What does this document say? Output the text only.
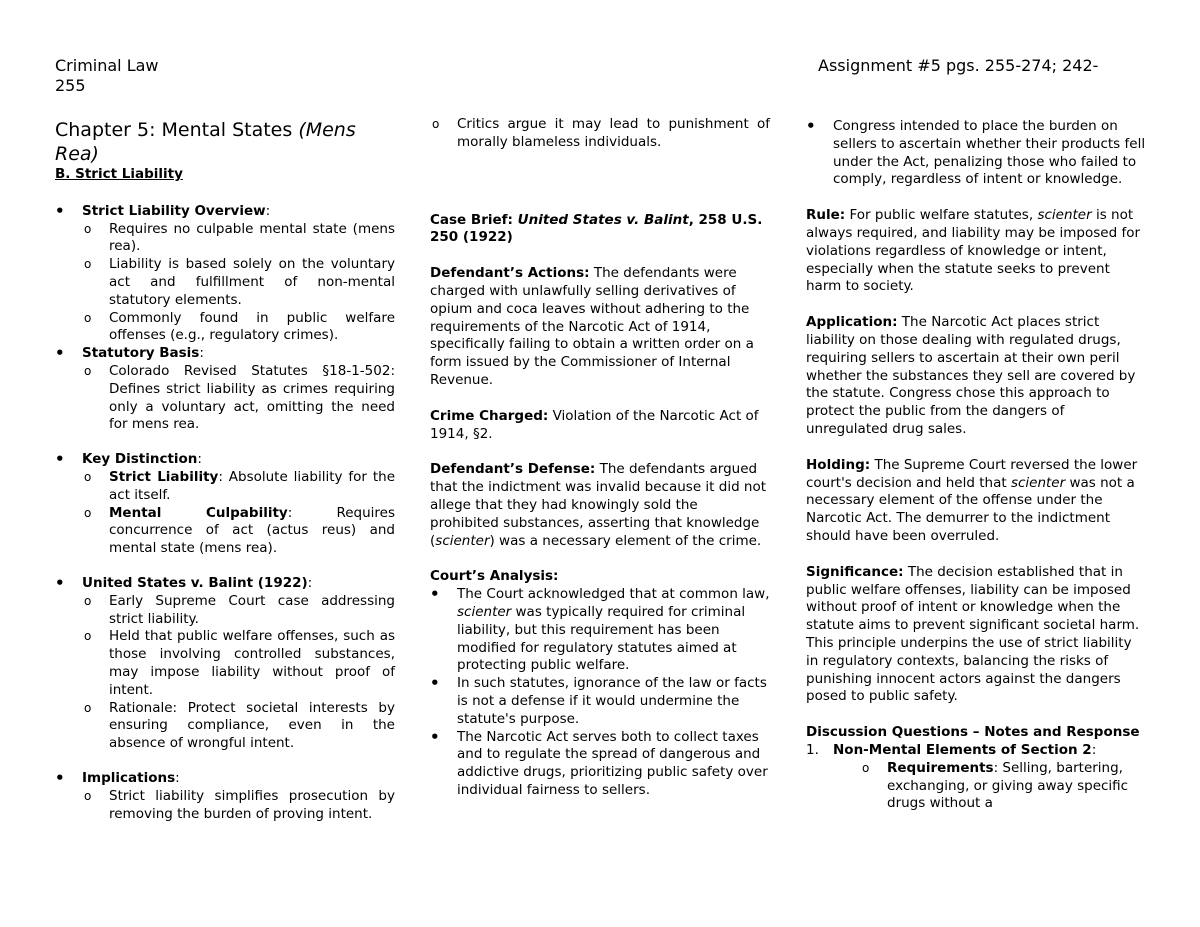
Criminal Law
255
Assignment #5 pgs. 255-274; 242-
Chapter 5: Mental States (Mens Rea)
B. Strict Liability
• Strict Liability Overview:
o Requires no culpable mental state (mens rea).
o Liability is based solely on the voluntary act and fulfillment of non-mental statutory elements.
o Commonly found in public welfare offenses (e.g., regulatory crimes).
• Statutory Basis:
o Colorado Revised Statutes §18-1-502: Defines strict liability as crimes requiring only a voluntary act, omitting the need for mens rea.
• Key Distinction:
o Strict Liability: Absolute liability for the act itself.
o Mental Culpability: Requires concurrence of act (actus reus) and mental state (mens rea).
• United States v. Balint (1922):
o Early Supreme Court case addressing strict liability.
o Held that public welfare offenses, such as those involving controlled substances, may impose liability without proof of intent.
o Rationale: Protect societal interests by ensuring compliance, even in the absence of wrongful intent.
• Implications:
o Strict liability simplifies prosecution by removing the burden of proving intent.
o Critics argue it may lead to punishment of morally blameless individuals.

Case Brief: United States v. Balint, 258 U.S. 250 (1922)

Defendant’s Actions: The defendants were charged with unlawfully selling derivatives of opium and coca leaves without adhering to the requirements of the Narcotic Act of 1914, specifically failing to obtain a written order on a form issued by the Commissioner of Internal Revenue.

Crime Charged: Violation of the Narcotic Act of 1914, §2.

Defendant’s Defense: The defendants argued that the indictment was invalid because it did not allege that they had knowingly sold the prohibited substances, asserting that knowledge (scienter) was a necessary element of the crime.

Court’s Analysis:
• The Court acknowledged that at common law, scienter was typically required for criminal liability, but this requirement has been modified for regulatory statutes aimed at protecting public welfare.
• In such statutes, ignorance of the law or facts is not a defense if it would undermine the statute's purpose.
• The Narcotic Act serves both to collect taxes and to regulate the spread of dangerous and addictive drugs, prioritizing public safety over individual fairness to sellers.
• Congress intended to place the burden on sellers to ascertain whether their products fell under the Act, penalizing those who failed to comply, regardless of intent or knowledge.

Rule: For public welfare statutes, scienter is not always required, and liability may be imposed for violations regardless of knowledge or intent, especially when the statute seeks to prevent harm to society.

Application: The Narcotic Act places strict liability on those dealing with regulated drugs, requiring sellers to ascertain at their own peril whether the substances they sell are covered by the statute. Congress chose this approach to protect the public from the dangers of unregulated drug sales.

Holding: The Supreme Court reversed the lower court's decision and held that scienter was not a necessary element of the offense under the Narcotic Act. The demurrer to the indictment should have been overruled.

Significance: The decision established that in public welfare offenses, liability can be imposed without proof of intent or knowledge when the statute aims to prevent significant societal harm. This principle underpins the use of strict liability in regulatory contexts, balancing the risks of punishing innocent actors against the dangers posed to public safety.

Discussion Questions – Notes and Response
1. Non-Mental Elements of Section 2:
o Requirements: Selling, bartering, exchanging, or giving away specific drugs without a
